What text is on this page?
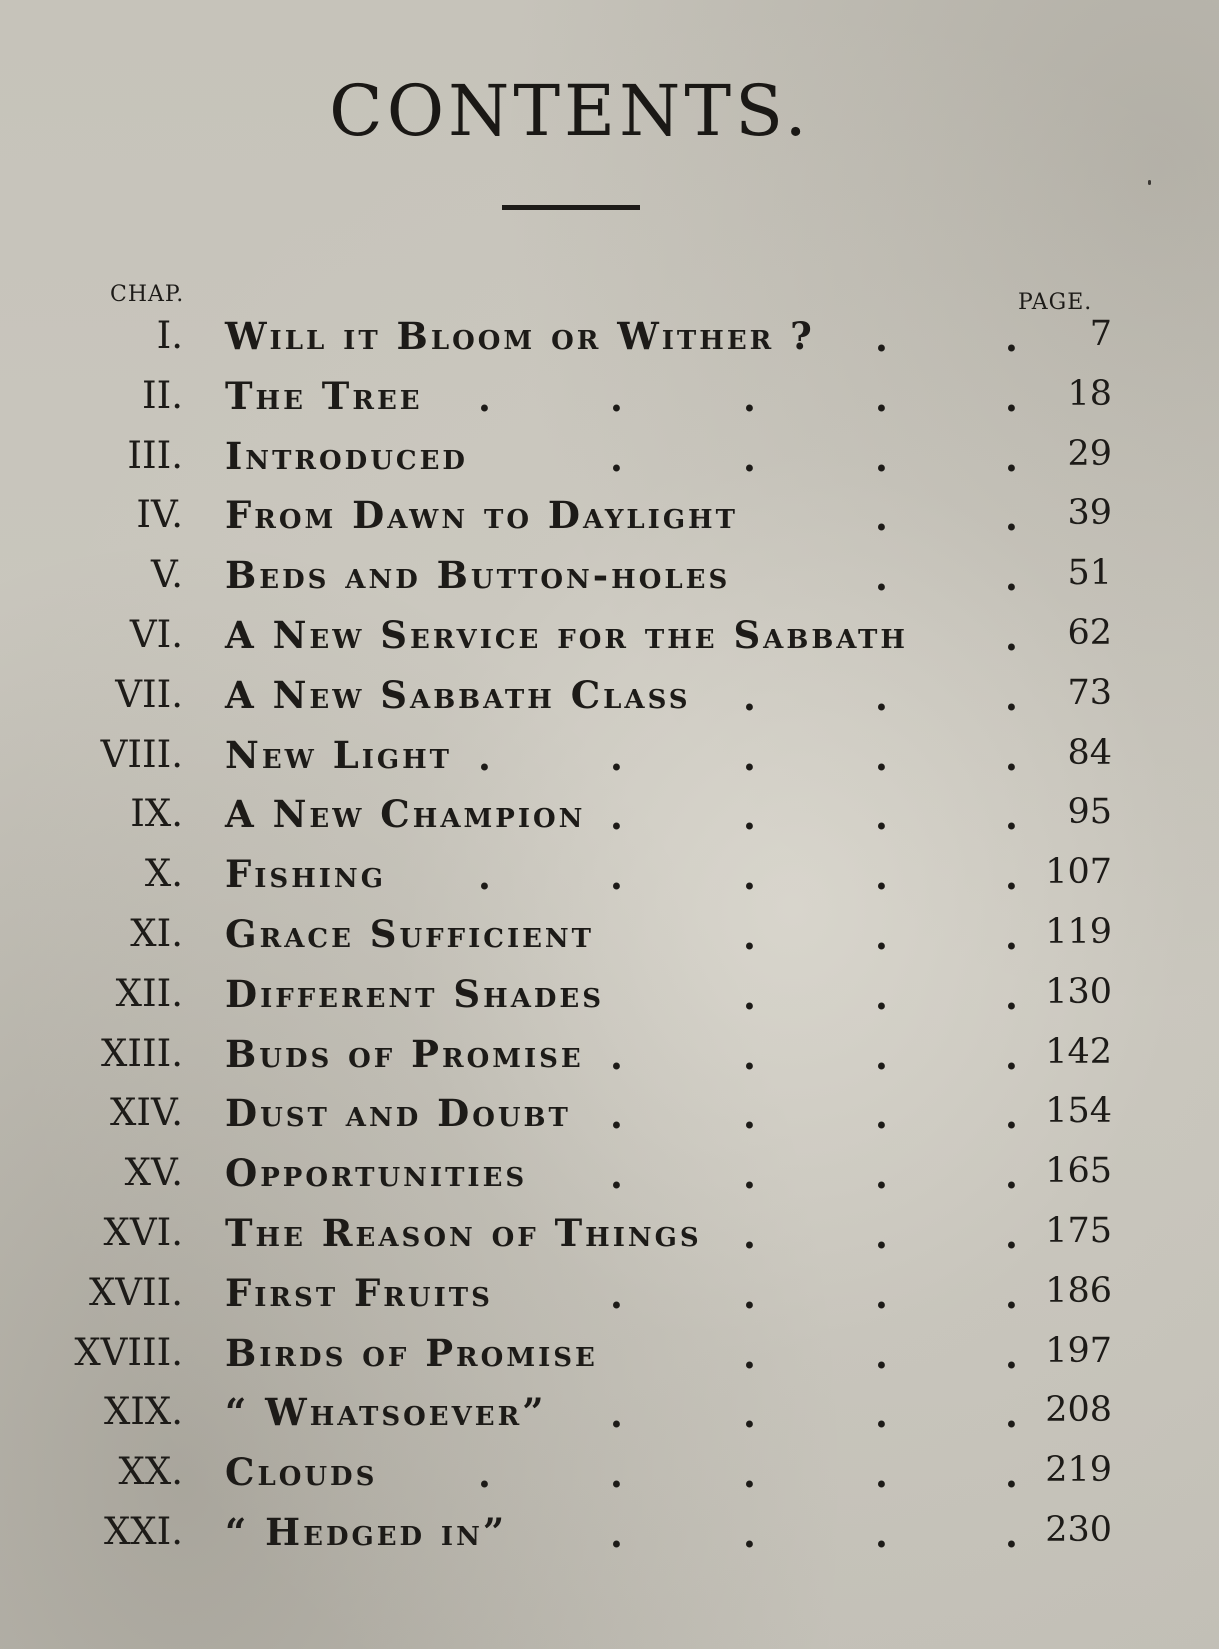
CONTENTS.
CHAP.	PAGE.
I. Will it Bloom or Wither ?	7
.	.
II. The Tree	18
.	.	.	.	.
III. Introduced	29
.	.	.	.
IV. From Dawn to Daylight	39
.	.
V. Beds and Button-holes	51
.	.
VI. A New Service for the Sabbath	62
.
VII. A New Sabbath Class	73
.	.	.
VIII. New Light	84
.	.	.	.	.
IX. A New Champion	95
.	.	.	.
X. Fishing	107
.	.	.	.	.
XI. Grace Sufficient	119
.	.	.
XII. Different Shades	130
.	.	.
XIII. Buds of Promise	142
.	.	.	.
XIV. Dust and Doubt	154
.	.	.	.
XV. Opportunities	165
.	.	.	.
XVI. The Reason of Things	175
.	.	.
XVII. First Fruits	186
.	.	.	.
XVIII. Birds of Promise	197
.	.	.
XIX. “ Whatsoever”	208
.	.	.	.
XX. Clouds	219
.	.	.	.	.
XXI. “ Hedged in”	230
.	.	.	.
